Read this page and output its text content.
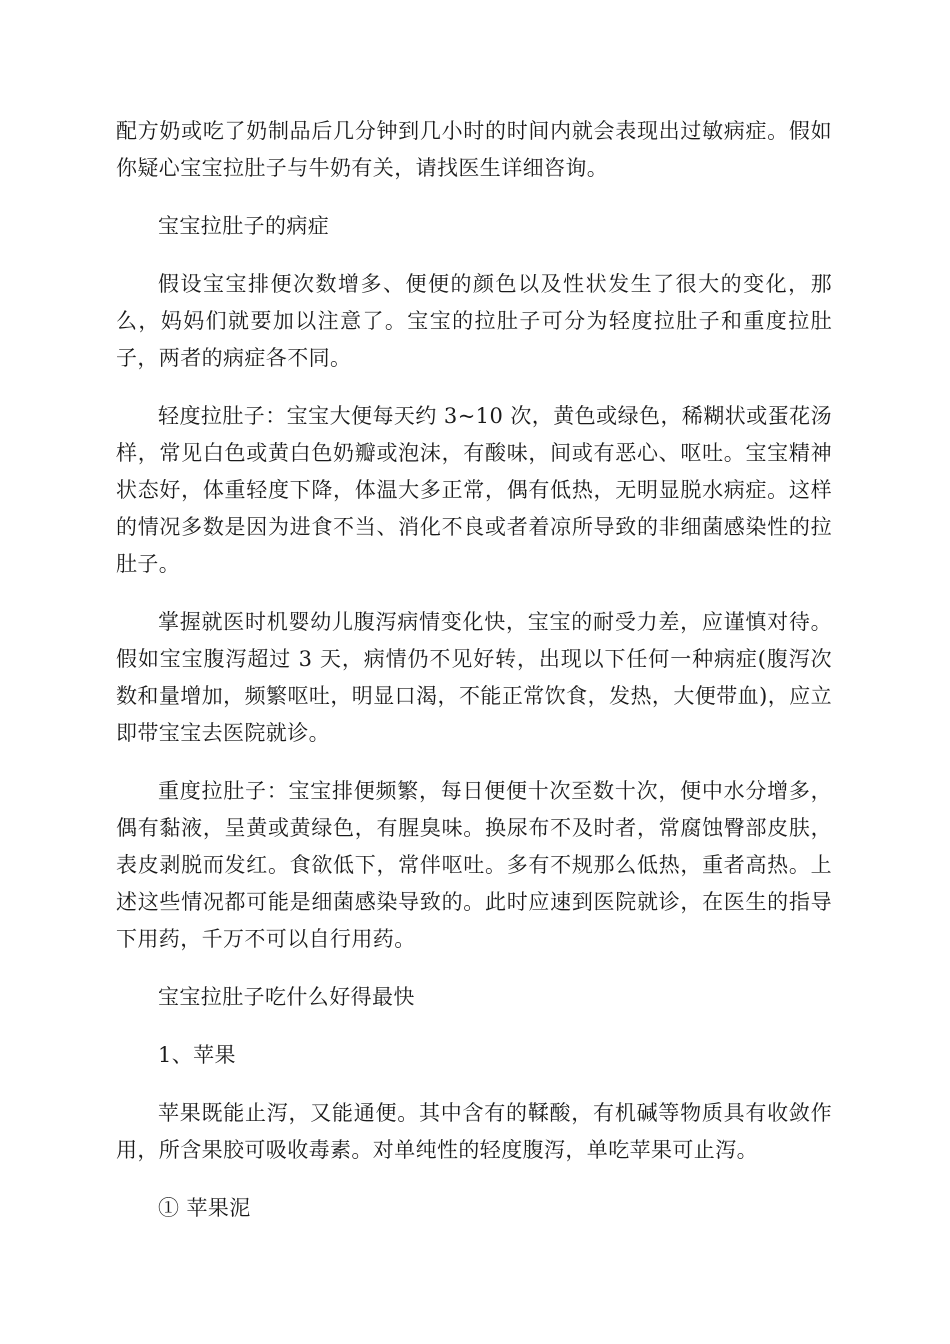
配方奶或吃了奶制品后几分钟到几小时的时间内就会表现出过敏病症。假如你疑心宝宝拉肚子与牛奶有关，请找医生详细咨询。

宝宝拉肚子的病症

假设宝宝排便次数增多、便便的颜色以及性状发生了很大的变化，那么，妈妈们就要加以注意了。宝宝的拉肚子可分为轻度拉肚子和重度拉肚子，两者的病症各不同。

轻度拉肚子：宝宝大便每天约 3~10 次，黄色或绿色，稀糊状或蛋花汤样，常见白色或黄白色奶瓣或泡沫，有酸味，间或有恶心、呕吐。宝宝精神状态好，体重轻度下降，体温大多正常，偶有低热，无明显脱水病症。这样的情况多数是因为进食不当、消化不良或者着凉所导致的非细菌感染性的拉肚子。

掌握就医时机婴幼儿腹泻病情变化快，宝宝的耐受力差，应谨慎对待。假如宝宝腹泻超过 3 天，病情仍不见好转，出现以下任何一种病症(腹泻次数和量增加，频繁呕吐，明显口渴，不能正常饮食，发热，大便带血)，应立即带宝宝去医院就诊。

重度拉肚子：宝宝排便频繁，每日便便十次至数十次，便中水分增多，偶有黏液，呈黄或黄绿色，有腥臭味。换尿布不及时者，常腐蚀臀部皮肤，表皮剥脱而发红。食欲低下，常伴呕吐。多有不规那么低热，重者高热。上述这些情况都可能是细菌感染导致的。此时应速到医院就诊，在医生的指导下用药，千万不可以自行用药。

宝宝拉肚子吃什么好得最快

1、苹果

苹果既能止泻，又能通便。其中含有的鞣酸，有机碱等物质具有收敛作用，所含果胶可吸收毒素。对单纯性的轻度腹泻，单吃苹果可止泻。

① 苹果泥
